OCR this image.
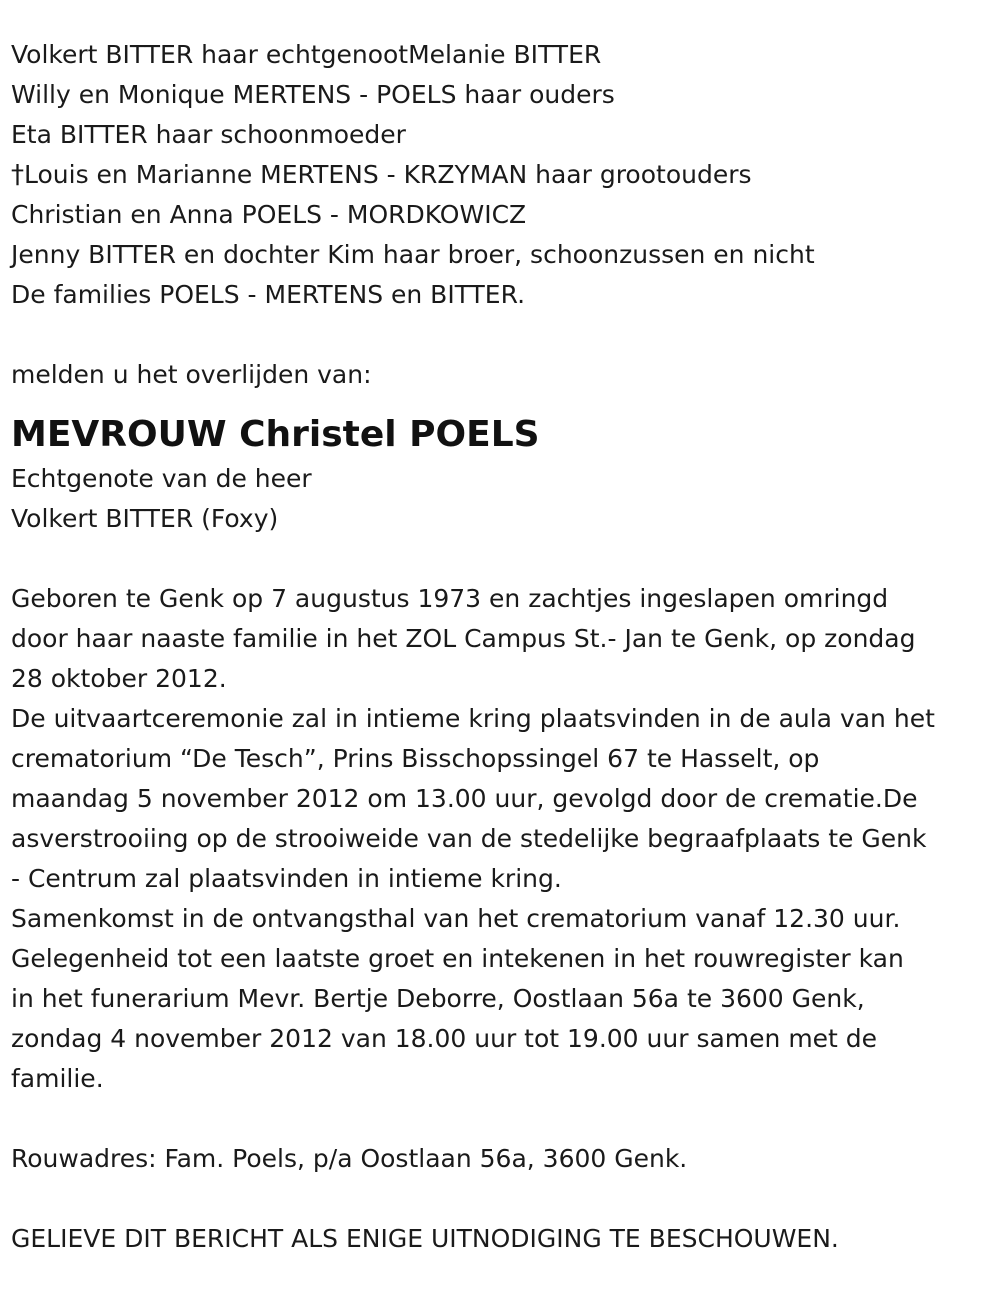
Volkert BITTER haar echtgenootMelanie BITTER
Willy en Monique MERTENS - POELS haar ouders
Eta BITTER haar schoonmoeder
†Louis en Marianne MERTENS - KRZYMAN haar grootouders
Christian en Anna POELS - MORDKOWICZ
Jenny BITTER en dochter Kim haar broer, schoonzussen en nicht
De families POELS - MERTENS en BITTER.
melden u het overlijden van:
MEVROUW Christel POELS
Echtgenote van de heer
Volkert BITTER (Foxy)
Geboren te Genk op 7 augustus 1973 en zachtjes ingeslapen omringd
door haar naaste familie in het ZOL Campus St.- Jan te Genk, op zondag
28 oktober 2012.
De uitvaartceremonie zal in intieme kring plaatsvinden in de aula van het
crematorium “De Tesch”, Prins Bisschopssingel 67 te Hasselt, op
maandag 5 november 2012 om 13.00 uur, gevolgd door de crematie.De
asverstrooiing op de strooiweide van de stedelijke begraafplaats te Genk
- Centrum zal plaatsvinden in intieme kring.
Samenkomst in de ontvangsthal van het crematorium vanaf 12.30 uur.
Gelegenheid tot een laatste groet en intekenen in het rouwregister kan
in het funerarium Mevr. Bertje Deborre, Oostlaan 56a te 3600 Genk,
zondag 4 november 2012 van 18.00 uur tot 19.00 uur samen met de
familie.
Rouwadres: Fam. Poels, p/a Oostlaan 56a, 3600 Genk.
GELIEVE DIT BERICHT ALS ENIGE UITNODIGING TE BESCHOUWEN.
